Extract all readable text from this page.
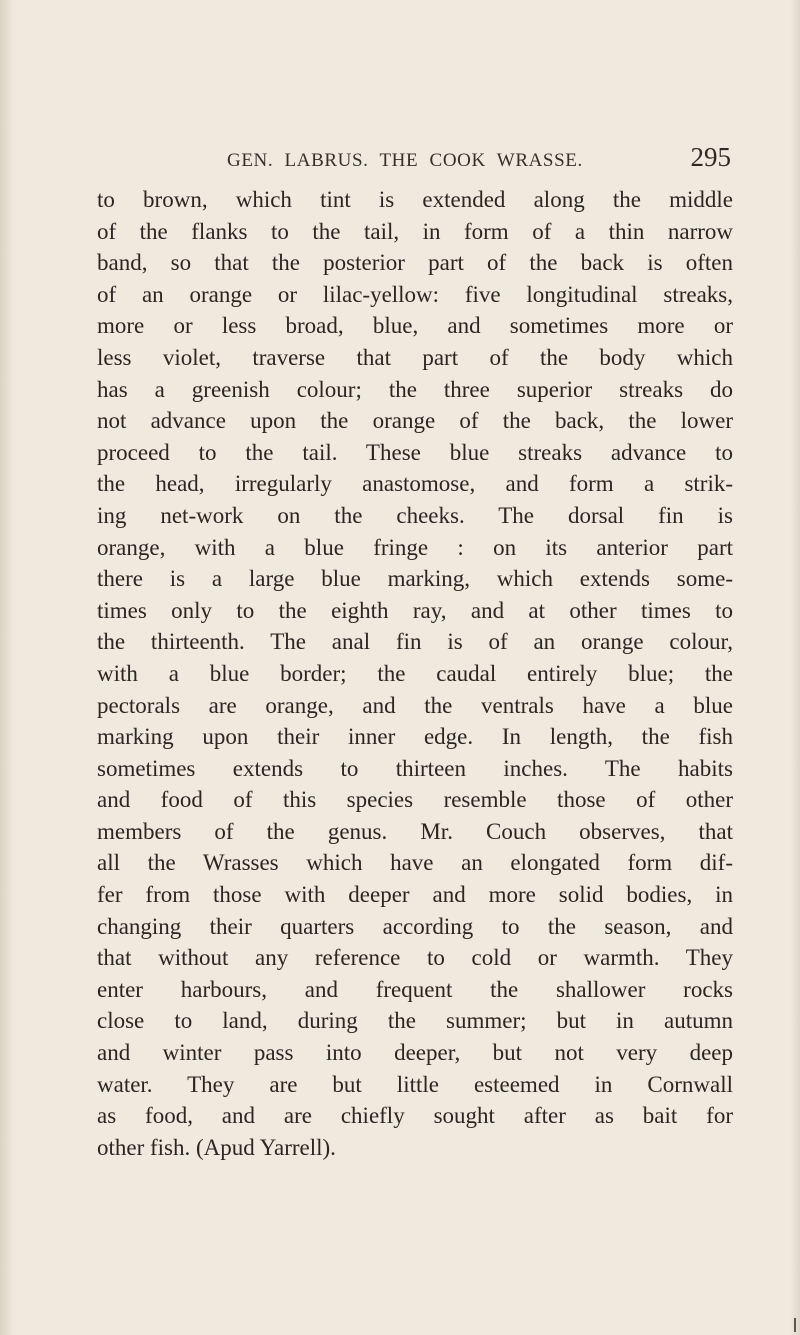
GEN. LABRUS. THE COOK WRASSE.	295
to brown, which tint is extended along the middle
of the flanks to the tail, in form of a thin narrow
band, so that the posterior part of the back is often
of an orange or lilac-yellow: five longitudinal streaks,
more or less broad, blue, and sometimes more or
less violet, traverse that part of the body which
has a greenish colour; the three superior streaks do
not advance upon the orange of the back, the lower
proceed to the tail. These blue streaks advance to
the head, irregularly anastomose, and form a strik-
ing net-work on the cheeks. The dorsal fin is
orange, with a blue fringe : on its anterior part
there is a large blue marking, which extends some-
times only to the eighth ray, and at other times to
the thirteenth. The anal fin is of an orange colour,
with a blue border; the caudal entirely blue; the
pectorals are orange, and the ventrals have a blue
marking upon their inner edge. In length, the fish
sometimes extends to thirteen inches. The habits
and food of this species resemble those of other
members of the genus. Mr. Couch observes, that
all the Wrasses which have an elongated form dif-
fer from those with deeper and more solid bodies, in
changing their quarters according to the season, and
that without any reference to cold or warmth. They
enter harbours, and frequent the shallower rocks
close to land, during the summer; but in autumn
and winter pass into deeper, but not very deep
water. They are but little esteemed in Cornwall
as food, and are chiefly sought after as bait for
other fish. (Apud Yarrell).
